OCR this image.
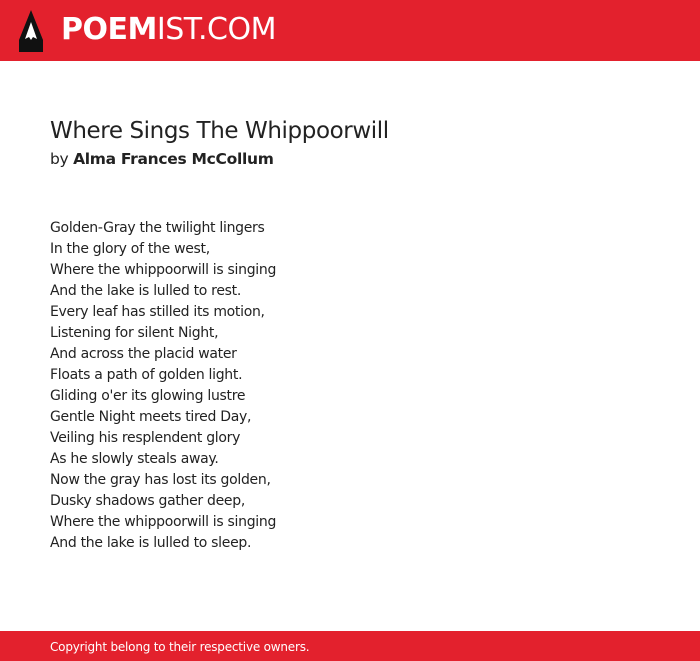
POEMIST.COM
Where Sings The Whippoorwill
by Alma Frances McCollum
Golden-Gray the twilight lingers
In the glory of the west,
Where the whippoorwill is singing
And the lake is lulled to rest.
Every leaf has stilled its motion,
Listening for silent Night,
And across the placid water
Floats a path of golden light.
Gliding o'er its glowing lustre
Gentle Night meets tired Day,
Veiling his resplendent glory
As he slowly steals away.
Now the gray has lost its golden,
Dusky shadows gather deep,
Where the whippoorwill is singing
And the lake is lulled to sleep.
Copyright belong to their respective owners.
